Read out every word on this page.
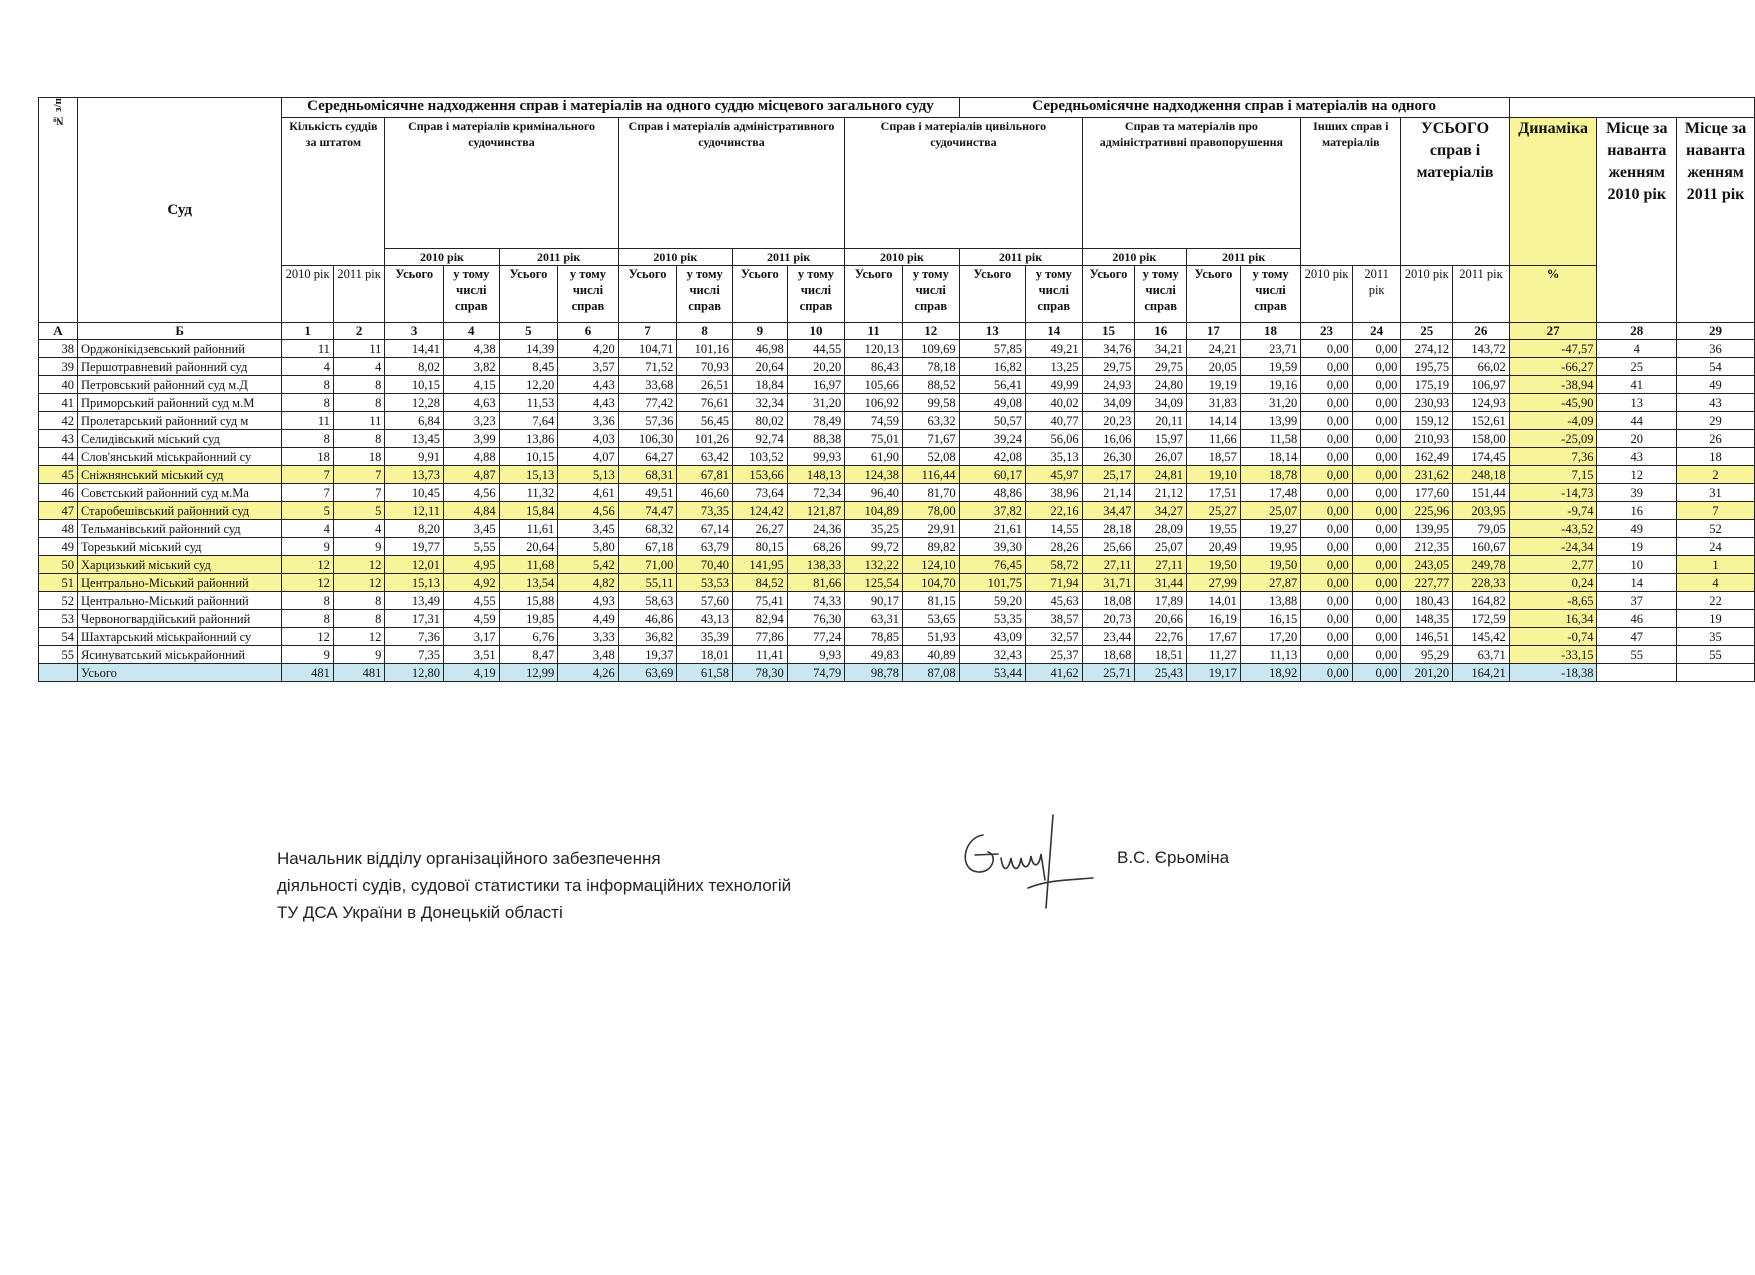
№ з/п	Суд	Середньомісячне надходження справ і матеріалів на одного суддю місцевого загального суду												Середньомісячне надходження справ і матеріалів на одного												
		Кількість суддів за штатом		Справ і матеріалів кримінального судочинства				Справ і матеріалів адміністративного судочинства				Справ і матеріалів цивільного судочинства				Справ та матеріалів про адміністративні правопорушення				Інших справ і матеріалів		УСЬОГО справ і матеріалів		Динаміка	Місце за наванта женням 2010 рік	Місце за наванта женням 2011 рік
				2010 рік		2011 рік		2010 рік		2011 рік		2010 рік		2011 рік		2010 рік		2011 рік								
		2010 рік	2011 рік	Усього	у тому числі справ	Усього	у тому числі справ	Усього	у тому числі справ	Усього	у тому числі справ	Усього	у тому числі справ	Усього	у тому числі справ	Усього	у тому числі справ	Усього	у тому числі справ	2010 рік	2011 рік	2010 рік	2011 рік	%		
А	Б	1	2	3	4	5	6	7	8	9	10	11	12	13	14	15	16	17	18	23	24	25	26	27	28	29
38	Орджонікідзевський районний	11	11	14,41	4,38	14,39	4,20	104,71	101,16	46,98	44,55	120,13	109,69	57,85	49,21	34,76	34,21	24,21	23,71	0,00	0,00	274,12	143,72	-47,57	4	36
39	Першотравневий районний суд	4	4	8,02	3,82	8,45	3,57	71,52	70,93	20,64	20,20	86,43	78,18	16,82	13,25	29,75	29,75	20,05	19,59	0,00	0,00	195,75	66,02	-66,27	25	54
40	Петровський районний суд м.Д	8	8	10,15	4,15	12,20	4,43	33,68	26,51	18,84	16,97	105,66	88,52	56,41	49,99	24,93	24,80	19,19	19,16	0,00	0,00	175,19	106,97	-38,94	41	49
41	Приморський районний суд м.М	8	8	12,28	4,63	11,53	4,43	77,42	76,61	32,34	31,20	106,92	99,58	49,08	40,02	34,09	34,09	31,83	31,20	0,00	0,00	230,93	124,93	-45,90	13	43
42	Пролетарський районний суд м	11	11	6,84	3,23	7,64	3,36	57,36	56,45	80,02	78,49	74,59	63,32	50,57	40,77	20,23	20,11	14,14	13,99	0,00	0,00	159,12	152,61	-4,09	44	29
43	Селидівський міський суд	8	8	13,45	3,99	13,86	4,03	106,30	101,26	92,74	88,38	75,01	71,67	39,24	56,06	16,06	15,97	11,66	11,58	0,00	0,00	210,93	158,00	-25,09	20	26
44	Слов'янський міськрайонний су	18	18	9,91	4,88	10,15	4,07	64,27	63,42	103,52	99,93	61,90	52,08	42,08	35,13	26,30	26,07	18,57	18,14	0,00	0,00	162,49	174,45	7,36	43	18
45	Сніжнянський міський суд	7	7	13,73	4,87	15,13	5,13	68,31	67,81	153,66	148,13	124,38	116,44	60,17	45,97	25,17	24,81	19,10	18,78	0,00	0,00	231,62	248,18	7,15	12	2
46	Совєтський районний суд м.Ма	7	7	10,45	4,56	11,32	4,61	49,51	46,60	73,64	72,34	96,40	81,70	48,86	38,96	21,14	21,12	17,51	17,48	0,00	0,00	177,60	151,44	-14,73	39	31
47	Старобешівський районний суд	5	5	12,11	4,84	15,84	4,56	74,47	73,35	124,42	121,87	104,89	78,00	37,82	22,16	34,47	34,27	25,27	25,07	0,00	0,00	225,96	203,95	-9,74	16	7
48	Тельманівський районний суд	4	4	8,20	3,45	11,61	3,45	68,32	67,14	26,27	24,36	35,25	29,91	21,61	14,55	28,18	28,09	19,55	19,27	0,00	0,00	139,95	79,05	-43,52	49	52
49	Торезький міський суд	9	9	19,77	5,55	20,64	5,80	67,18	63,79	80,15	68,26	99,72	89,82	39,30	28,26	25,66	25,07	20,49	19,95	0,00	0,00	212,35	160,67	-24,34	19	24
50	Харцизький міський суд	12	12	12,01	4,95	11,68	5,42	71,00	70,40	141,95	138,33	132,22	124,10	76,45	58,72	27,11	27,11	19,50	19,50	0,00	0,00	243,05	249,78	2,77	10	1
51	Центрально-Міський районний	12	12	15,13	4,92	13,54	4,82	55,11	53,53	84,52	81,66	125,54	104,70	101,75	71,94	31,71	31,44	27,99	27,87	0,00	0,00	227,77	228,33	0,24	14	4
52	Центрально-Міський районний	8	8	13,49	4,55	15,88	4,93	58,63	57,60	75,41	74,33	90,17	81,15	59,20	45,63	18,08	17,89	14,01	13,88	0,00	0,00	180,43	164,82	-8,65	37	22
53	Червоногвардійський районний	8	8	17,31	4,59	19,85	4,49	46,86	43,13	82,94	76,30	63,31	53,65	53,35	38,57	20,73	20,66	16,19	16,15	0,00	0,00	148,35	172,59	16,34	46	19
54	Шахтарський міськрайонний су	12	12	7,36	3,17	6,76	3,33	36,82	35,39	77,86	77,24	78,85	51,93	43,09	32,57	23,44	22,76	17,67	17,20	0,00	0,00	146,51	145,42	-0,74	47	35
55	Ясинуватський міськрайонний	9	9	7,35	3,51	8,47	3,48	19,37	18,01	11,41	9,93	49,83	40,89	32,43	25,37	18,68	18,51	11,27	11,13	0,00	0,00	95,29	63,71	-33,15	55	55
	Усього	481	481	12,80	4,19	12,99	4,26	63,69	61,58	78,30	74,79	98,78	87,08	53,44	41,62	25,71	25,43	19,17	18,92	0,00	0,00	201,20	164,21	-18,38		
Начальник відділу організаційного забезпечення
діяльності судів, судової статистики та інформаційних технологій
ТУ ДСА України в Донецькій області
В.С. Єрьоміна
